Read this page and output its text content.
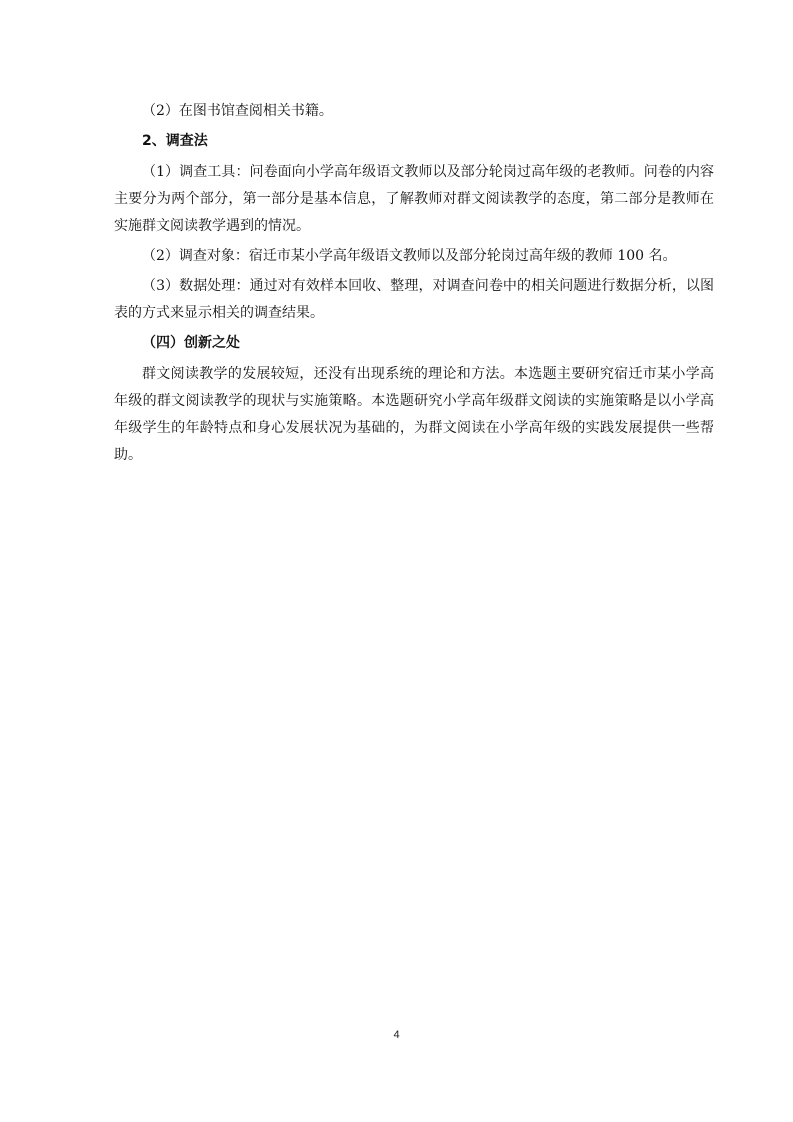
（2）在图书馆查阅相关书籍。

2、调查法

（1）调查工具：问卷面向小学高年级语文教师以及部分轮岗过高年级的老教师。问卷的内容主要分为两个部分，第一部分是基本信息，了解教师对群文阅读教学的态度，第二部分是教师在实施群文阅读教学遇到的情况。

（2）调查对象：宿迁市某小学高年级语文教师以及部分轮岗过高年级的教师 100 名。

（3）数据处理：通过对有效样本回收、整理，对调查问卷中的相关问题进行数据分析，以图表的方式来显示相关的调查结果。

（四）创新之处

群文阅读教学的发展较短，还没有出现系统的理论和方法。本选题主要研究宿迁市某小学高年级的群文阅读教学的现状与实施策略。本选题研究小学高年级群文阅读的实施策略是以小学高年级学生的年龄特点和身心发展状况为基础的，为群文阅读在小学高年级的实践发展提供一些帮助。

4
